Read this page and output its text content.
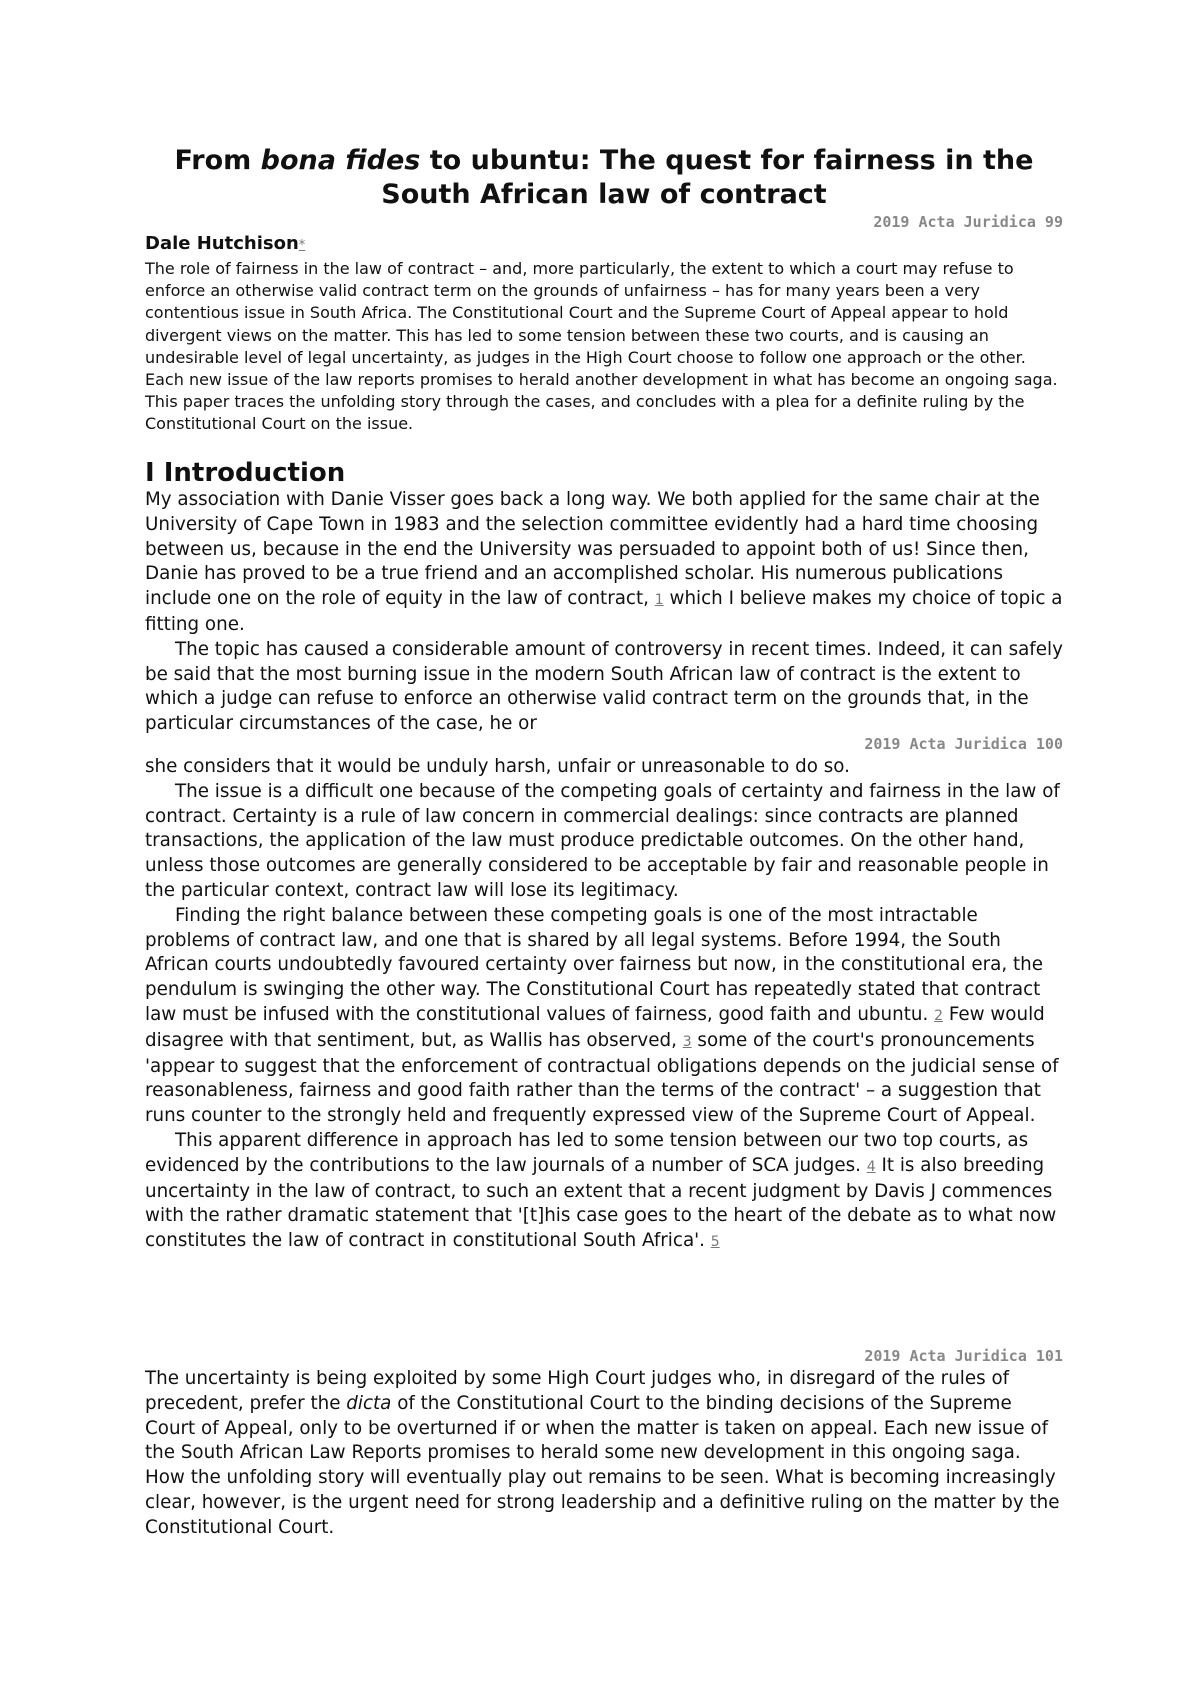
From bona fides to ubuntu: The quest for fairness in the South African law of contract
2019 Acta Juridica 99
Dale Hutchison*

The role of fairness in the law of contract – and, more particularly, the extent to which a court may refuse to enforce an otherwise valid contract term on the grounds of unfairness – has for many years been a very contentious issue in South Africa. The Constitutional Court and the Supreme Court of Appeal appear to hold divergent views on the matter. This has led to some tension between these two courts, and is causing an undesirable level of legal uncertainty, as judges in the High Court choose to follow one approach or the other. Each new issue of the law reports promises to herald another development in what has become an ongoing saga. This paper traces the unfolding story through the cases, and concludes with a plea for a definite ruling by the Constitutional Court on the issue.

I Introduction

My association with Danie Visser goes back a long way. We both applied for the same chair at the University of Cape Town in 1983 and the selection committee evidently had a hard time choosing between us, because in the end the University was persuaded to appoint both of us! Since then, Danie has proved to be a true friend and an accomplished scholar. His numerous publications include one on the role of equity in the law of contract, 1 which I believe makes my choice of topic a fitting one.

The topic has caused a considerable amount of controversy in recent times. Indeed, it can safely be said that the most burning issue in the modern South African law of contract is the extent to which a judge can refuse to enforce an otherwise valid contract term on the grounds that, in the particular circumstances of the case, he or

2019 Acta Juridica 100

she considers that it would be unduly harsh, unfair or unreasonable to do so.

The issue is a difficult one because of the competing goals of certainty and fairness in the law of contract. Certainty is a rule of law concern in commercial dealings: since contracts are planned transactions, the application of the law must produce predictable outcomes. On the other hand, unless those outcomes are generally considered to be acceptable by fair and reasonable people in the particular context, contract law will lose its legitimacy.

Finding the right balance between these competing goals is one of the most intractable problems of contract law, and one that is shared by all legal systems. Before 1994, the South African courts undoubtedly favoured certainty over fairness but now, in the constitutional era, the pendulum is swinging the other way. The Constitutional Court has repeatedly stated that contract law must be infused with the constitutional values of fairness, good faith and ubuntu. 2 Few would disagree with that sentiment, but, as Wallis has observed, 3 some of the court's pronouncements 'appear to suggest that the enforcement of contractual obligations depends on the judicial sense of reasonableness, fairness and good faith rather than the terms of the contract' – a suggestion that runs counter to the strongly held and frequently expressed view of the Supreme Court of Appeal.

This apparent difference in approach has led to some tension between our two top courts, as evidenced by the contributions to the law journals of a number of SCA judges. 4 It is also breeding uncertainty in the law of contract, to such an extent that a recent judgment by Davis J commences with the rather dramatic statement that '[t]his case goes to the heart of the debate as to what now constitutes the law of contract in constitutional South Africa'. 5

2019 Acta Juridica 101

The uncertainty is being exploited by some High Court judges who, in disregard of the rules of precedent, prefer the dicta of the Constitutional Court to the binding decisions of the Supreme Court of Appeal, only to be overturned if or when the matter is taken on appeal. Each new issue of the South African Law Reports promises to herald some new development in this ongoing saga. How the unfolding story will eventually play out remains to be seen. What is becoming increasingly clear, however, is the urgent need for strong leadership and a definitive ruling on the matter by the Constitutional Court.
